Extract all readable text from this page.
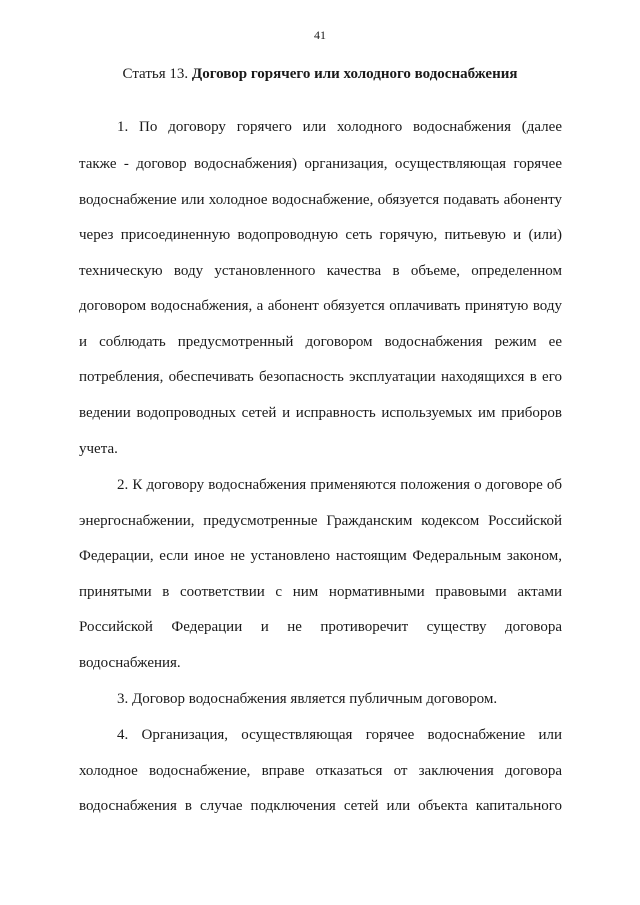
41
Статья 13. Договор горячего или холодного водоснабжения
1. По договору горячего или холодного водоснабжения (далее
также - договор водоснабжения) организация, осуществляющая горячее
водоснабжение или холодное водоснабжение, обязуется подавать абоненту
через присоединенную водопроводную сеть горячую, питьевую и (или)
техническую воду установленного качества в объеме, определенном
договором водоснабжения, а абонент обязуется оплачивать принятую воду
и соблюдать предусмотренный договором водоснабжения режим ее
потребления, обеспечивать безопасность эксплуатации находящихся в его
ведении водопроводных сетей и исправность используемых им приборов
учета.
2. К договору водоснабжения применяются положения о договоре об
энергоснабжении, предусмотренные Гражданским кодексом Российской
Федерации, если иное не установлено настоящим Федеральным законом,
принятыми в соответствии с ним нормативными правовыми актами
Российской Федерации и не противоречит существу договора
водоснабжения.
3. Договор водоснабжения является публичным договором.
4. Организация, осуществляющая горячее водоснабжение или
холодное водоснабжение, вправе отказаться от заключения договора
водоснабжения в случае подключения сетей или объекта капитального
